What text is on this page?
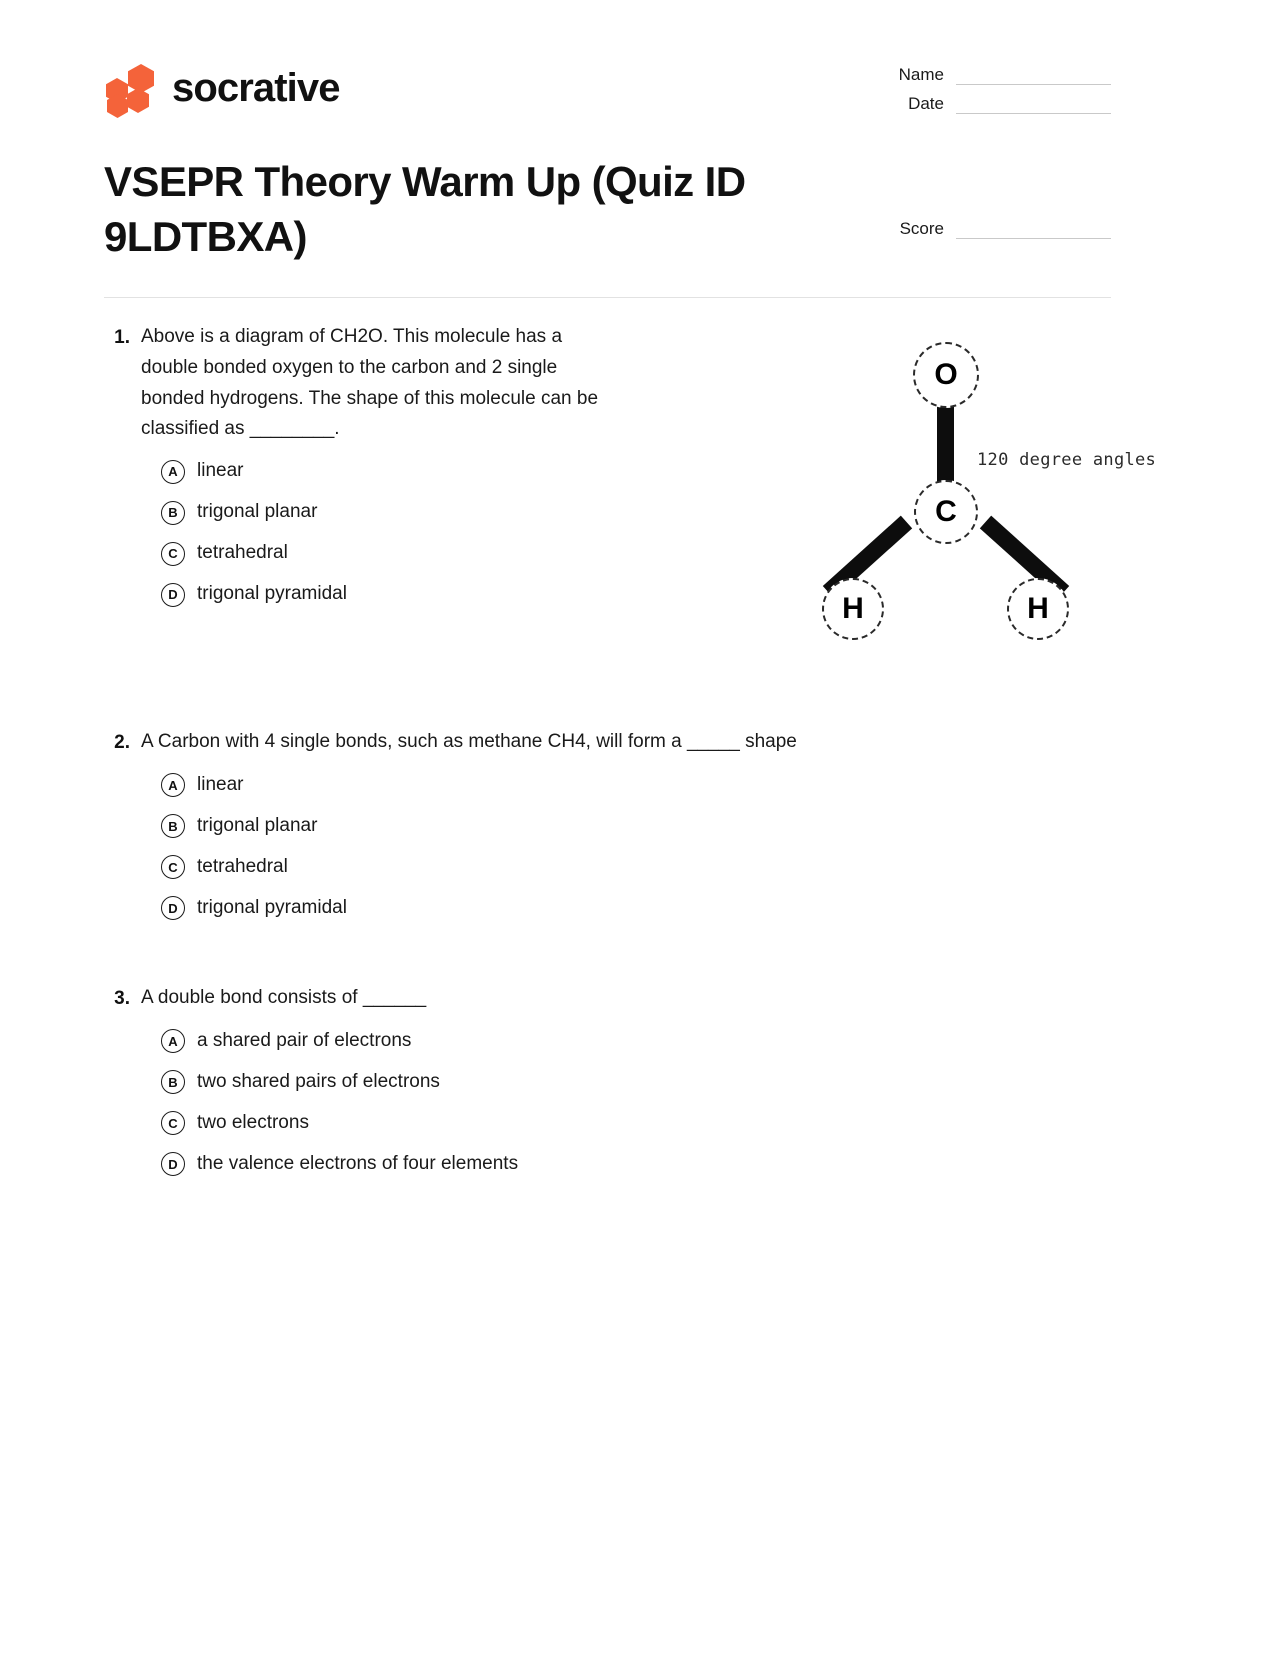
socrative
VSEPR Theory Warm Up (Quiz ID 9LDTBXA)
Name
Date
Score
1. Above is a diagram of CH2O. This molecule has a double bonded oxygen to the carbon and 2 single bonded hydrogens. The shape of this molecule can be classified as ________.
A	linear
B	trigonal planar
C	tetrahedral
D	trigonal pyramidal
O
C
H	H
120 degree angles
2. A Carbon with 4 single bonds, such as methane CH4, will form a _____ shape
A	linear
B	trigonal planar
C	tetrahedral
D	trigonal pyramidal
3. A double bond consists of ______
A	a shared pair of electrons
B	two shared pairs of electrons
C	two electrons
D	the valence electrons of four elements
